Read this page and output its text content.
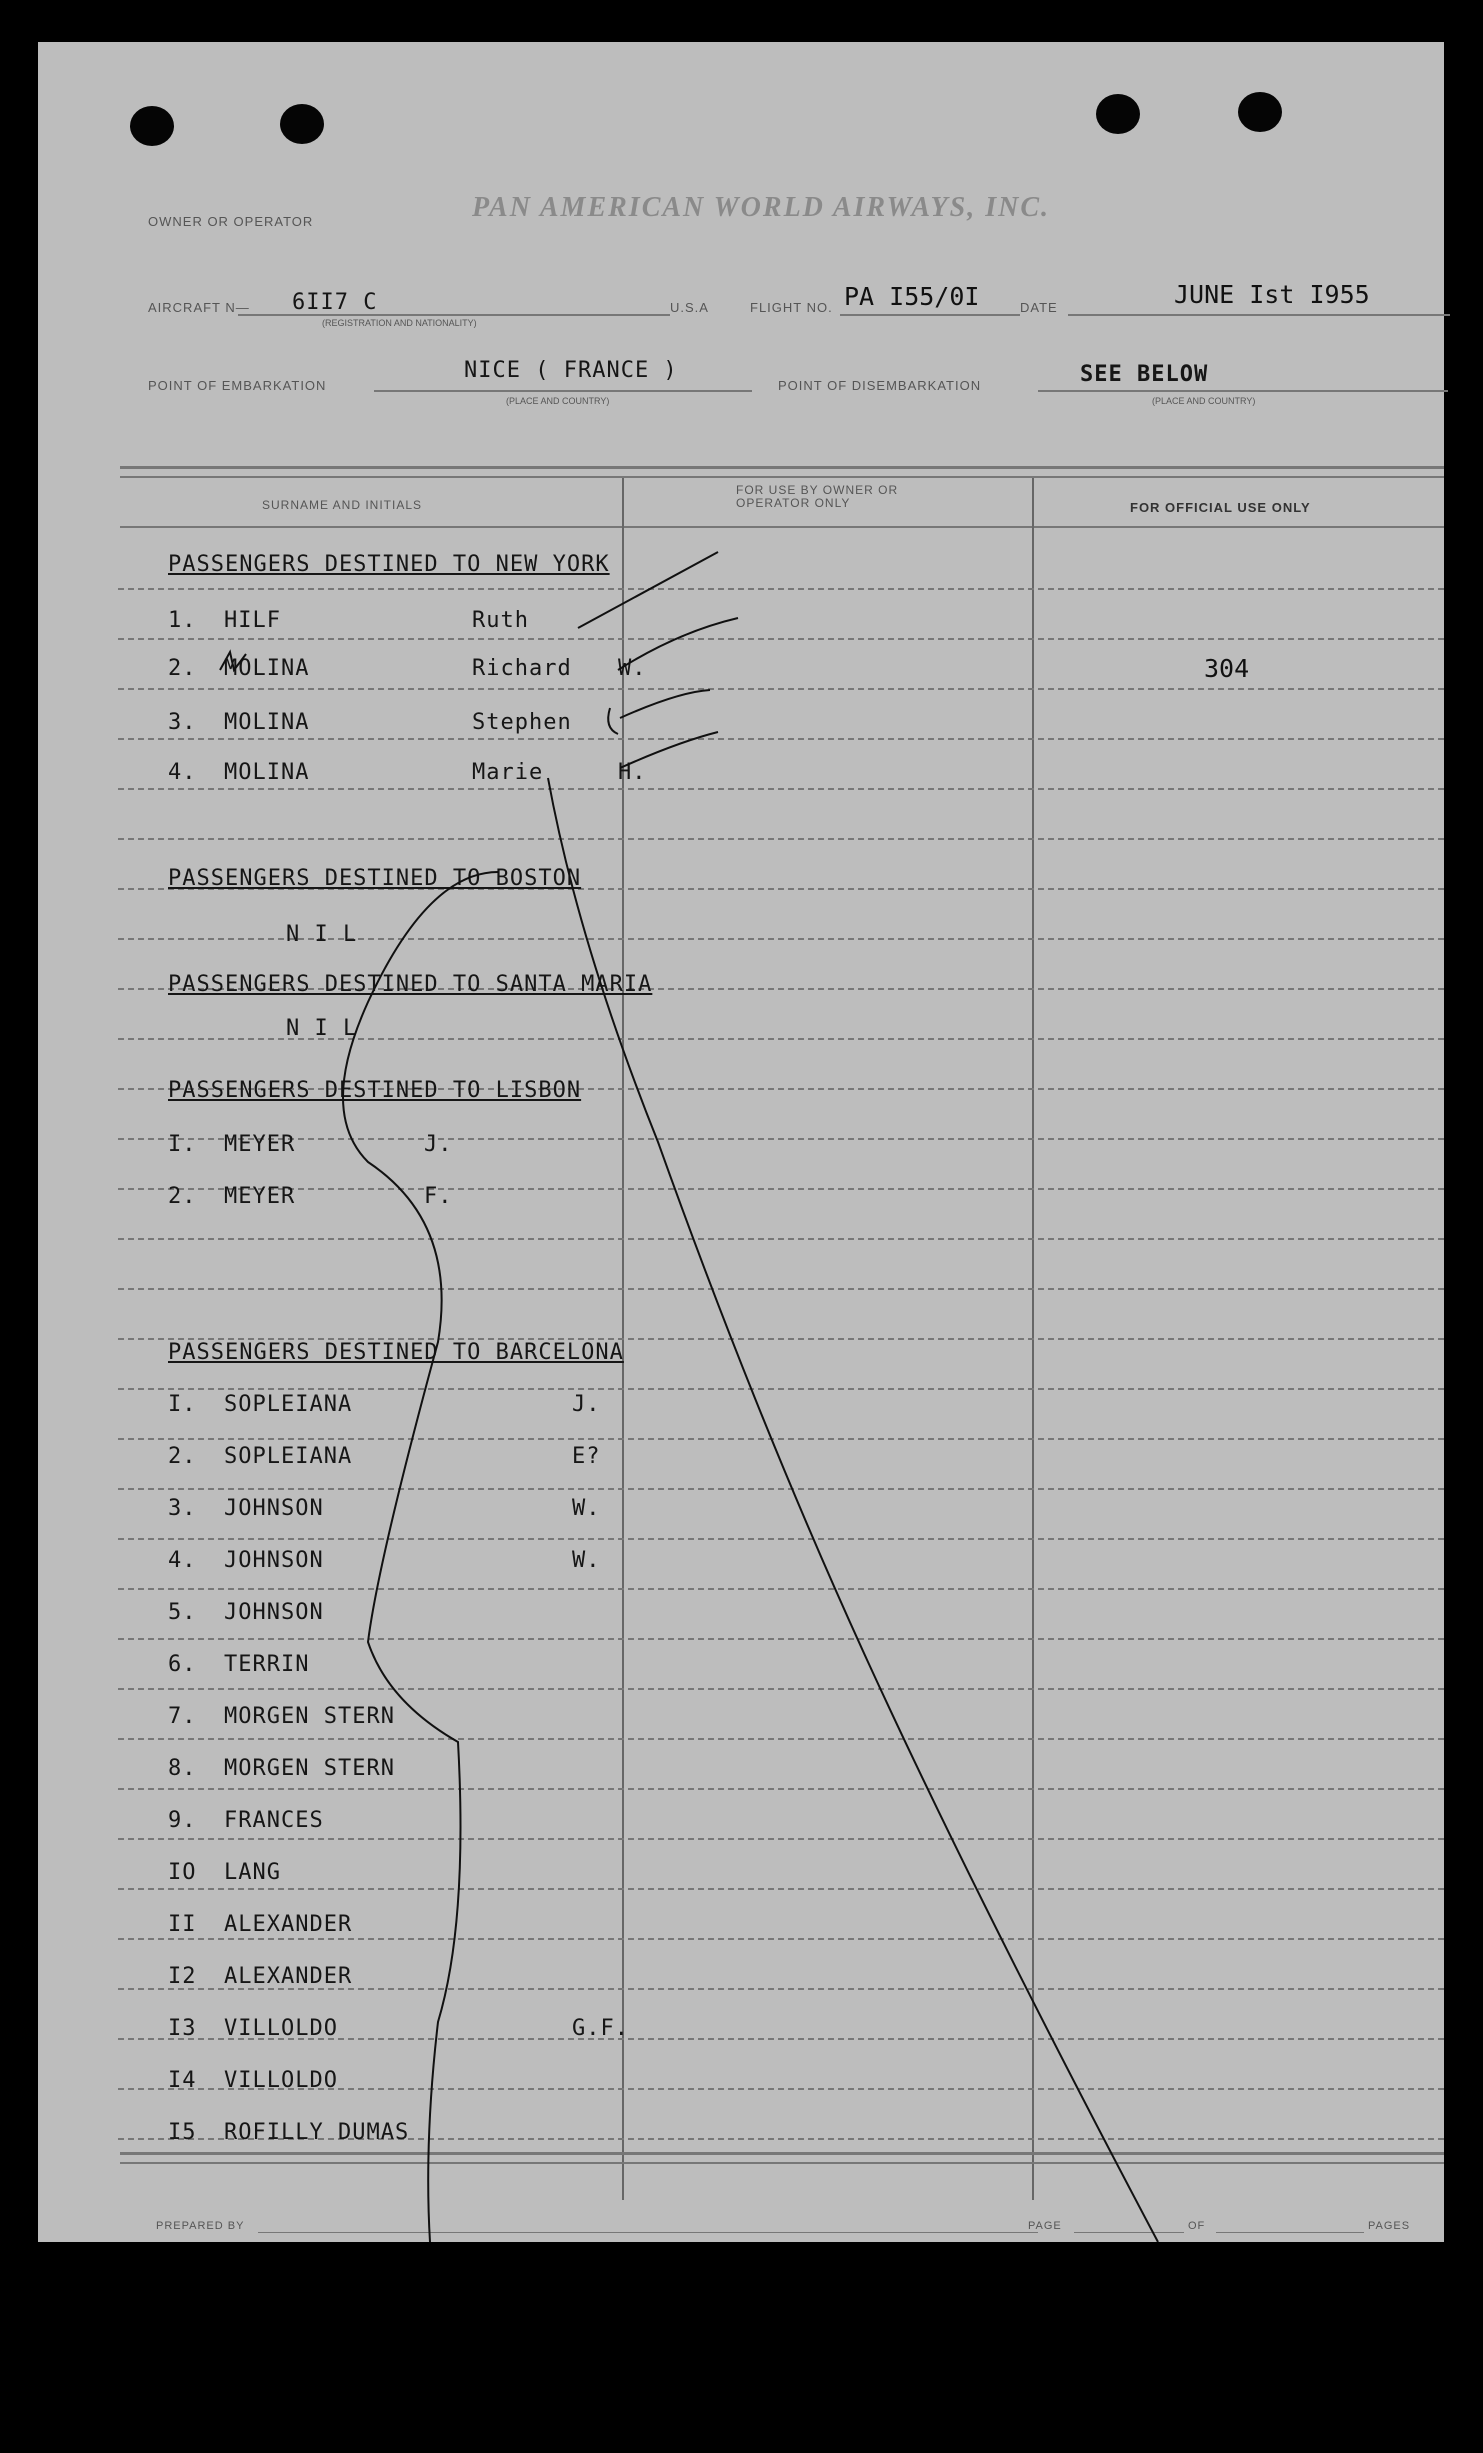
OWNER OR OPERATOR	PAN AMERICAN WORLD AIRWAYS, INC.
AIRCRAFT N— 6II7 C
(REGISTRATION AND NATIONALITY)
U.S.A	FLIGHT NO. PA I55/0I	DATE	JUNE Ist I955
POINT OF EMBARKATION
NICE ( FRANCE )
(PLACE AND COUNTRY)
POINT OF DISEMBARKATION	SEE BELOW
(PLACE AND COUNTRY)
SURNAME AND INITIALS
FOR USE BY OWNER OR OPERATOR ONLY	FOR OFFICIAL USE ONLY
PASSENGERS DESTINED TO NEW YORK
1. HILF	Ruth
2. MOLINA	Richard W.	304
3. MOLINA	Stephen
4. MOLINA	Marie	H.
PASSENGERS DESTINED TO BOSTON
N I L
PASSENGERS DESTINED TO SANTA MARIA
N I L
PASSENGERS DESTINED TO LISBON
I. MEYER	J.
2. MEYER	F.
PASSENGERS DESTINED TO BARCELONA
I. SOPLEIANA	J.
2. SOPLEIANA	E?
3. JOHNSON	W.
4. JOHNSON	W.
5. JOHNSON
6. TERRIN
7. MORGEN STERN
8. MORGEN STERN
9. FRANCES
IO LANG
II ALEXANDER
I2 ALEXANDER
I3 VILLOLDO	G.F.
I4 VILLOLDO
I5 ROFILLY DUMAS
PREPARED BY	PAGE	OF	PAGES
